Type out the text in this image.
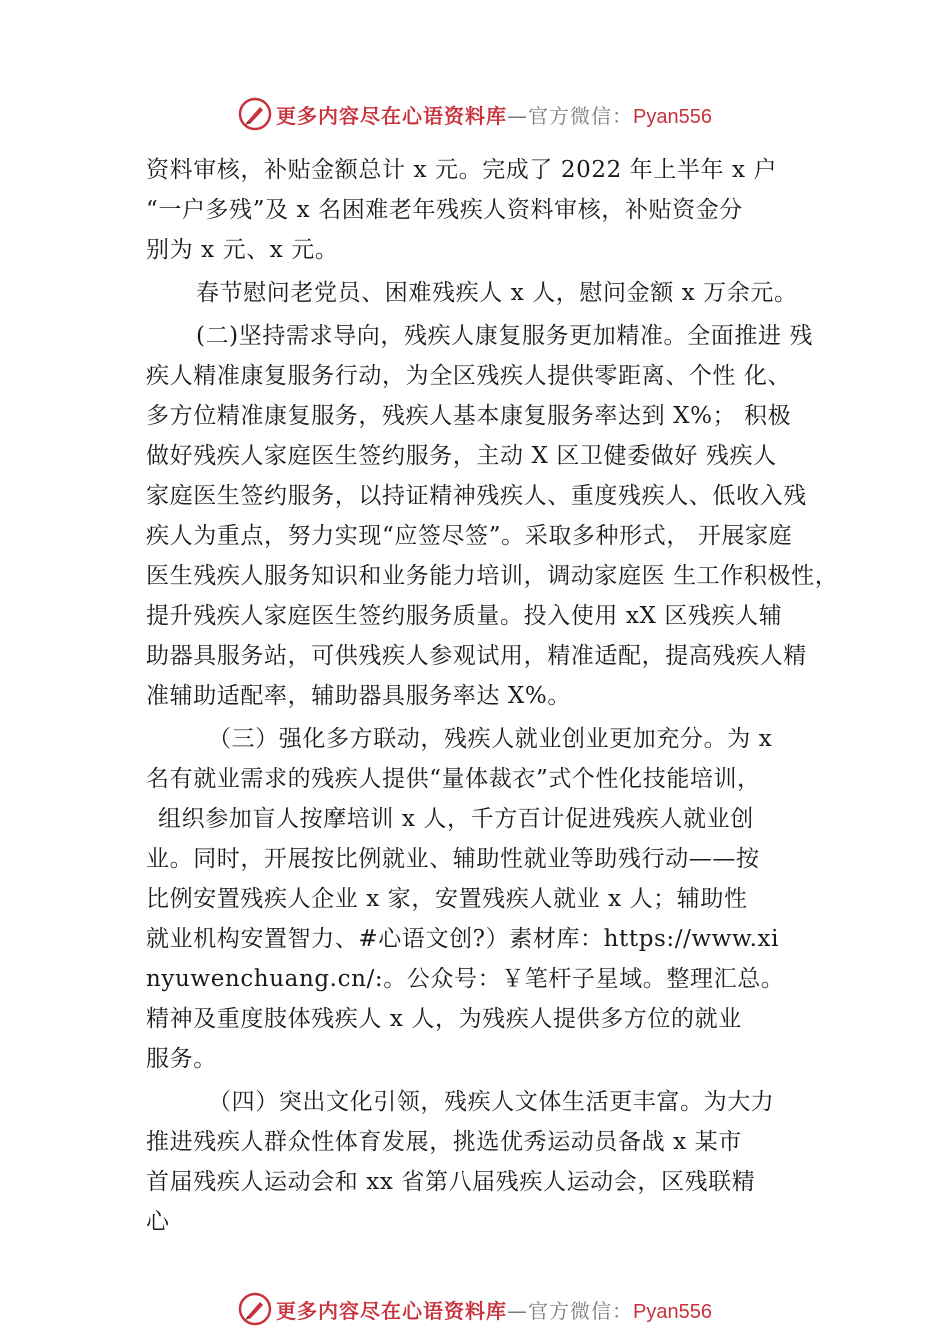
更多内容尽在心语资料库—官方微信：Pyan556
资料审核，补贴金额总计 x 元。完成了 2022 年上半年 x 户
“一户多残”及 x 名困难老年残疾人资料审核，补贴资金分
别为 x 元、x 元。
春节慰问老党员、困难残疾人 x 人，慰问金额 x 万余元。
(二)坚持需求导向，残疾人康复服务更加精准。全面推进 残
疾人精准康复服务行动，为全区残疾人提供零距离、个性 化、
多方位精准康复服务，残疾人基本康复服务率达到 X%； 积极
做好残疾人家庭医生签约服务，主动 X 区卫健委做好 残疾人
家庭医生签约服务，以持证精神残疾人、重度残疾人、低收入残
疾人为重点，努力实现“应签尽签”。采取多种形式， 开展家庭
医生残疾人服务知识和业务能力培训，调动家庭医 生工作积极性，
提升残疾人家庭医生签约服务质量。投入使用 xX 区残疾人辅
助器具服务站，可供残疾人参观试用，精准适配，提高残疾人精
准辅助适配率，辅助器具服务率达 X%。
（三）强化多方联动，残疾人就业创业更加充分。为 x
名有就业需求的残疾人提供“量体裁衣”式个性化技能培训，
组织参加盲人按摩培训 x 人，千方百计促进残疾人就业创
业。同时，开展按比例就业、辅助性就业等助残行动——按
比例安置残疾人企业 x 家，安置残疾人就业 x 人；辅助性
就业机构安置智力、#心语文创?）素材库：https://www.xi
nyuwenchuang.cn/:。公众号：￥笔杆子星域。整理汇总。
精神及重度肢体残疾人 x 人，为残疾人提供多方位的就业
服务。
（四）突出文化引领，残疾人文体生活更丰富。为大力
推进残疾人群众性体育发展，挑选优秀运动员备战 x 某市
首届残疾人运动会和 xx 省第八届残疾人运动会，区残联精
心
更多内容尽在心语资料库—官方微信：Pyan556
